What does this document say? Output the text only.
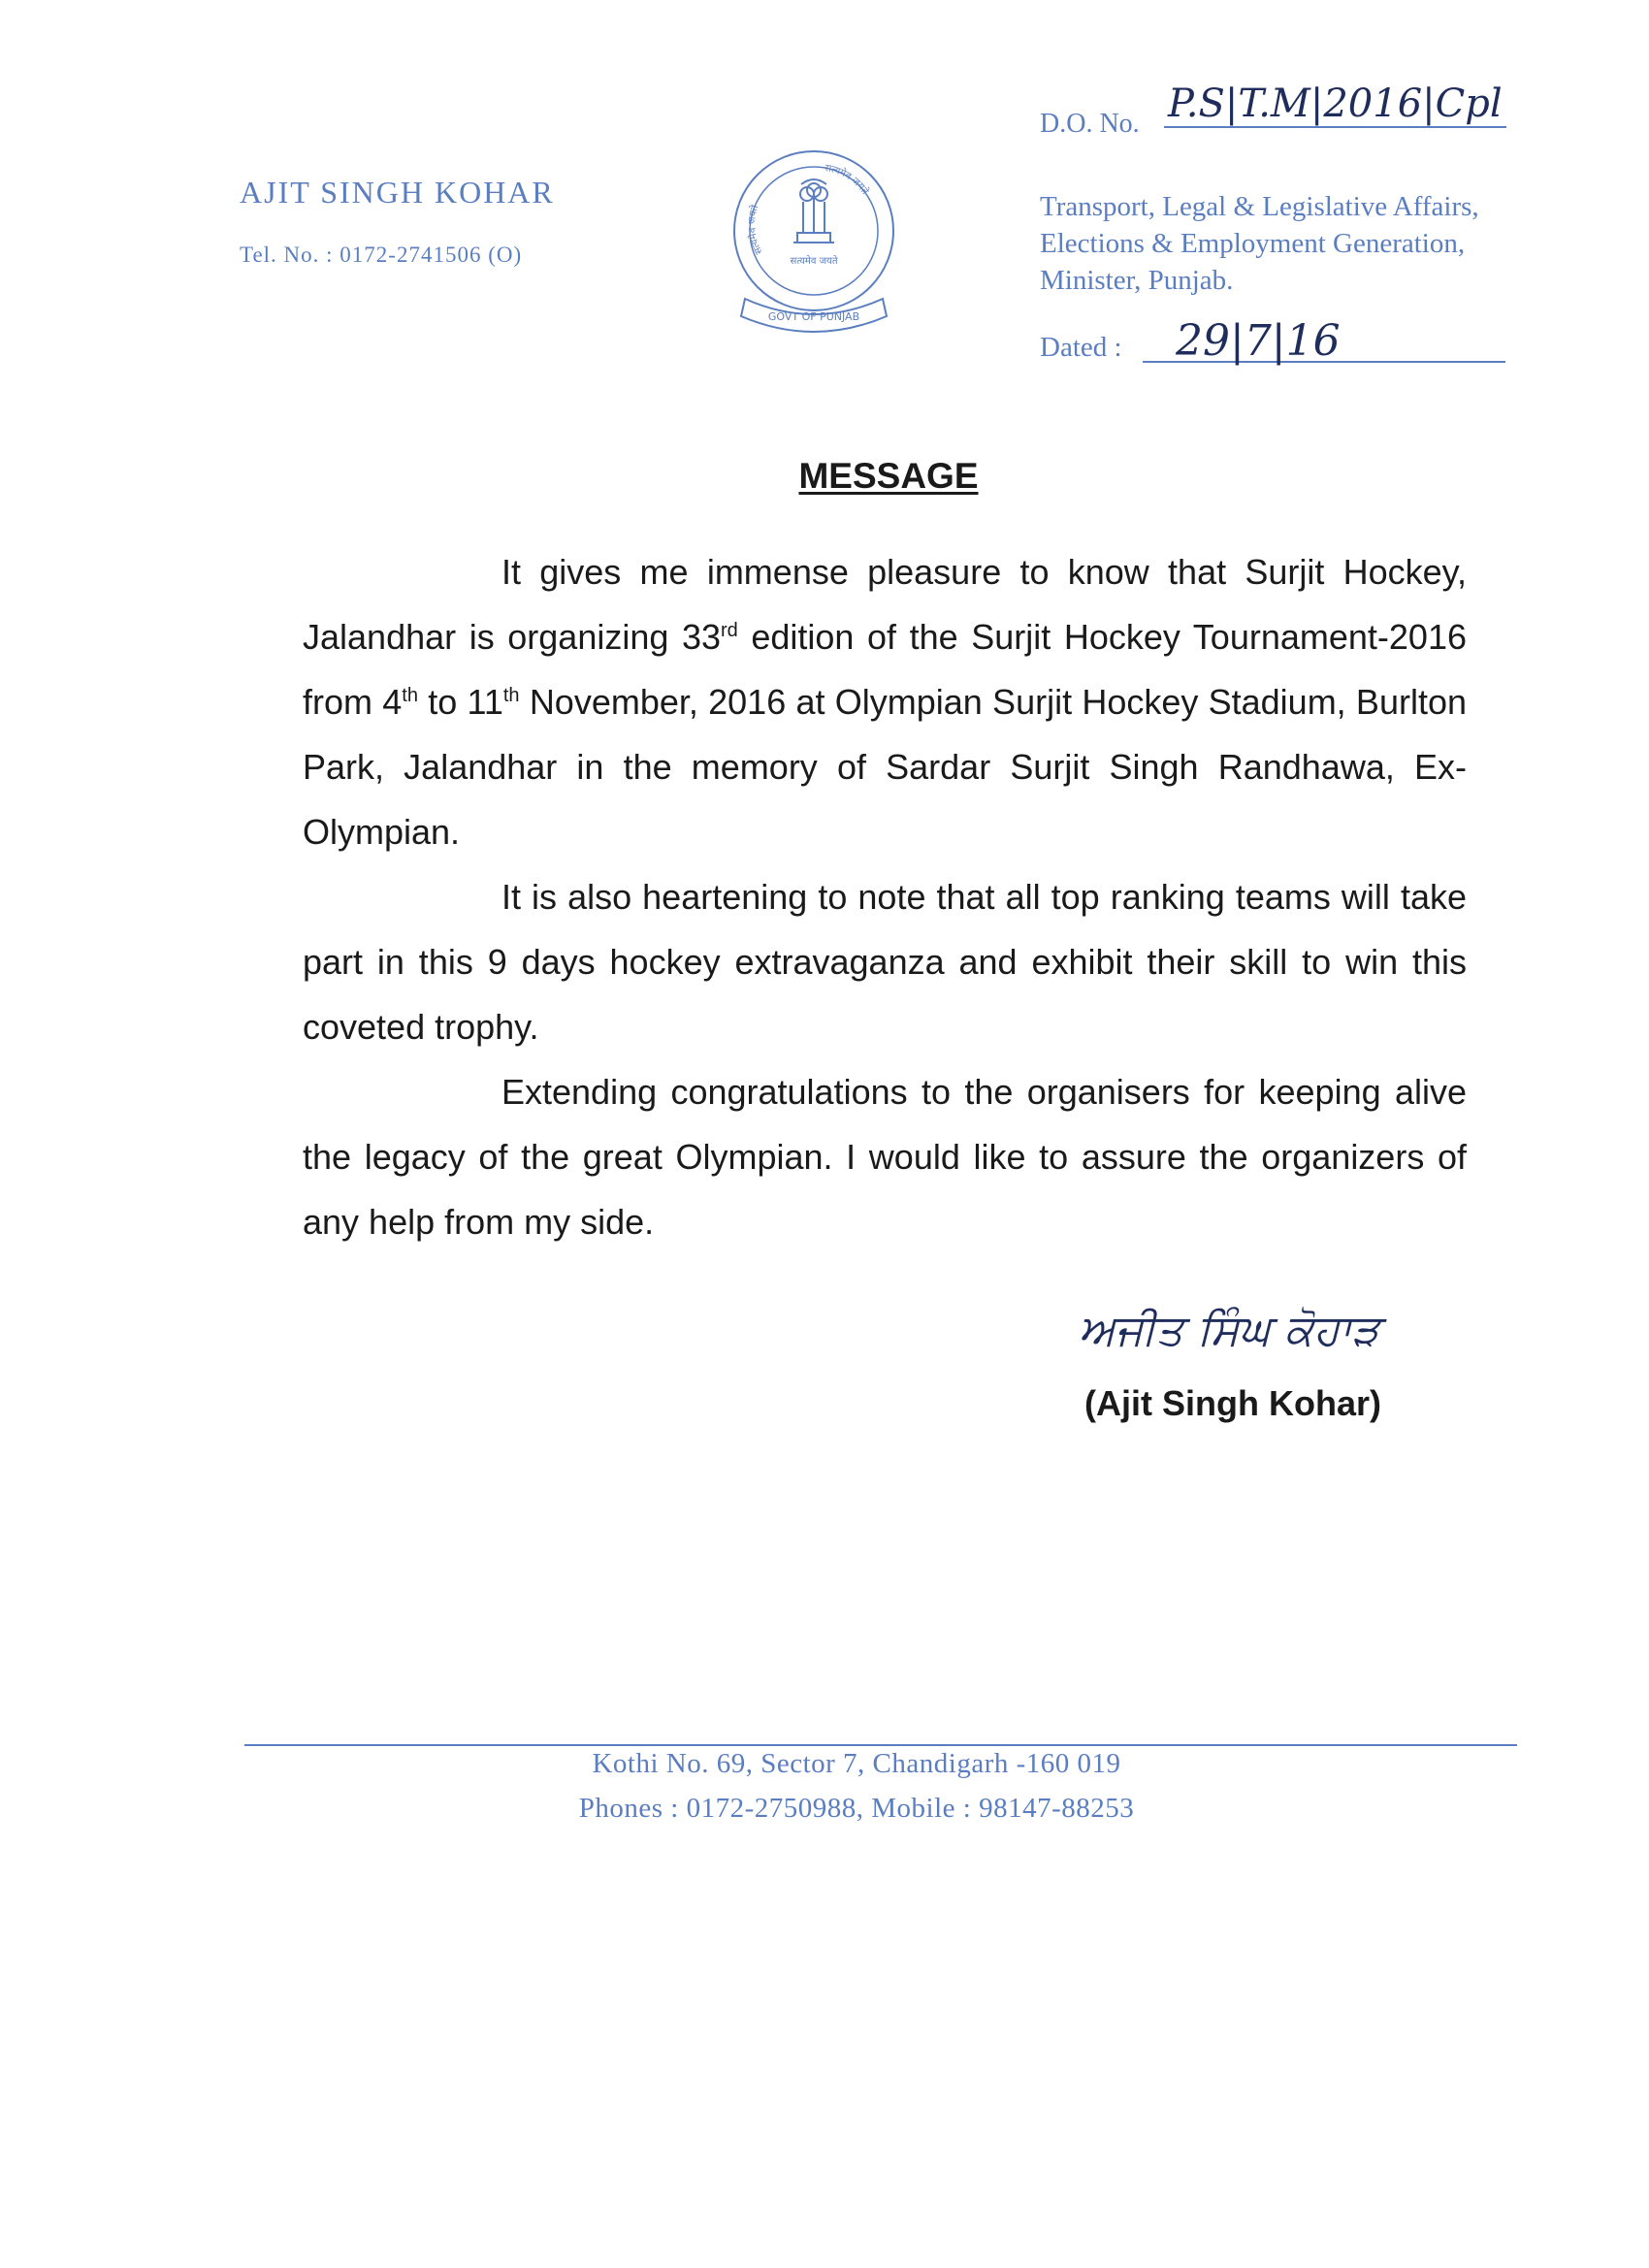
AJIT SINGH KOHAR
Tel. No. : 0172-2741506 (O)	सत्यमेव जयते
सत्यमेव जयते
सत्यमेव जयते
GOVT OF PUNJAB
D.O. No. P.S|T.M|2016|Cpl
Transport, Legal & Legislative Affairs,
Elections & Employment Generation,
Minister, Punjab.
Dated : 29|7|16
MESSAGE

It gives me immense pleasure to know that Surjit Hockey, Jalandhar is organizing 33rd edition of the Surjit Hockey Tournament-2016 from 4th to 11th November, 2016 at Olympian Surjit Hockey Stadium, Burlton Park, Jalandhar in the memory of Sardar Surjit Singh Randhawa, Ex-Olympian.

It is also heartening to note that all top ranking teams will take part in this 9 days hockey extravaganza and exhibit their skill to win this coveted trophy.

Extending congratulations to the organisers for keeping alive the legacy of the great Olympian. I would like to assure the organizers of any help from my side.

ਅਜੀਤ ਸਿੰਘ ਕੋਹਾੜ
(Ajit Singh Kohar)
Kothi No. 69, Sector 7, Chandigarh -160 019
Phones : 0172-2750988, Mobile : 98147-88253
